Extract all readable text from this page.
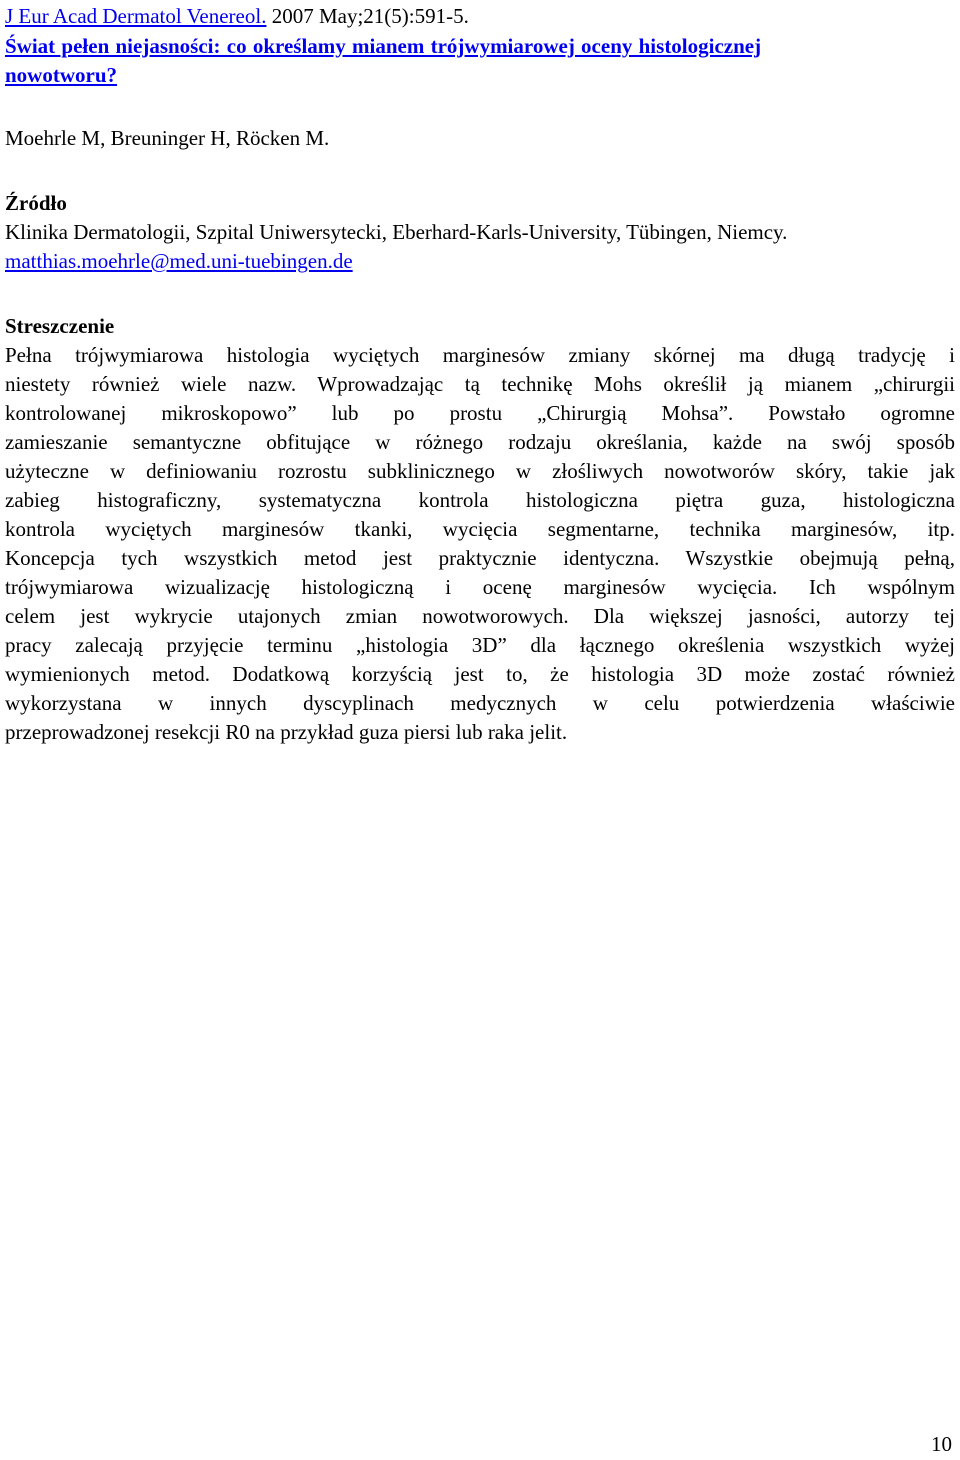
J Eur Acad Dermatol Venereol. 2007 May;21(5):591-5.
Świat pełen niejasności: co określamy mianem trójwymiarowej oceny histologicznej
nowotworu?
Moehrle M, Breuninger H, Röcken M.
Źródło
Klinika Dermatologii, Szpital Uniwersytecki, Eberhard-Karls-University, Tübingen, Niemcy.
matthias.moehrle@med.uni-tuebingen.de
Streszczenie
Pełna trójwymiarowa histologia wyciętych marginesów zmiany skórnej ma długą tradycję i
niestety również wiele nazw. Wprowadzając tą technikę Mohs określił ją mianem „chirurgii
kontrolowanej mikroskopowo” lub po prostu „Chirurgią Mohsa”. Powstało ogromne
zamieszanie semantyczne obfitujące w różnego rodzaju określania, każde na swój sposób
użyteczne w definiowaniu rozrostu subklinicznego w złośliwych nowotworów skóry, takie jak
zabieg histograficzny, systematyczna kontrola histologiczna piętra guza, histologiczna
kontrola wyciętych marginesów tkanki, wycięcia segmentarne, technika marginesów, itp.
Koncepcja tych wszystkich metod jest praktycznie identyczna. Wszystkie obejmują pełną,
trójwymiarowa wizualizację histologiczną i ocenę marginesów wycięcia. Ich wspólnym
celem jest wykrycie utajonych zmian nowotworowych. Dla większej jasności, autorzy tej
pracy zalecają przyjęcie terminu „histologia 3D” dla łącznego określenia wszystkich wyżej
wymienionych metod. Dodatkową korzyścią jest to, że histologia 3D może zostać również
wykorzystana w innych dyscyplinach medycznych w celu potwierdzenia właściwie
przeprowadzonej resekcji R0 na przykład guza piersi lub raka jelit.
10
